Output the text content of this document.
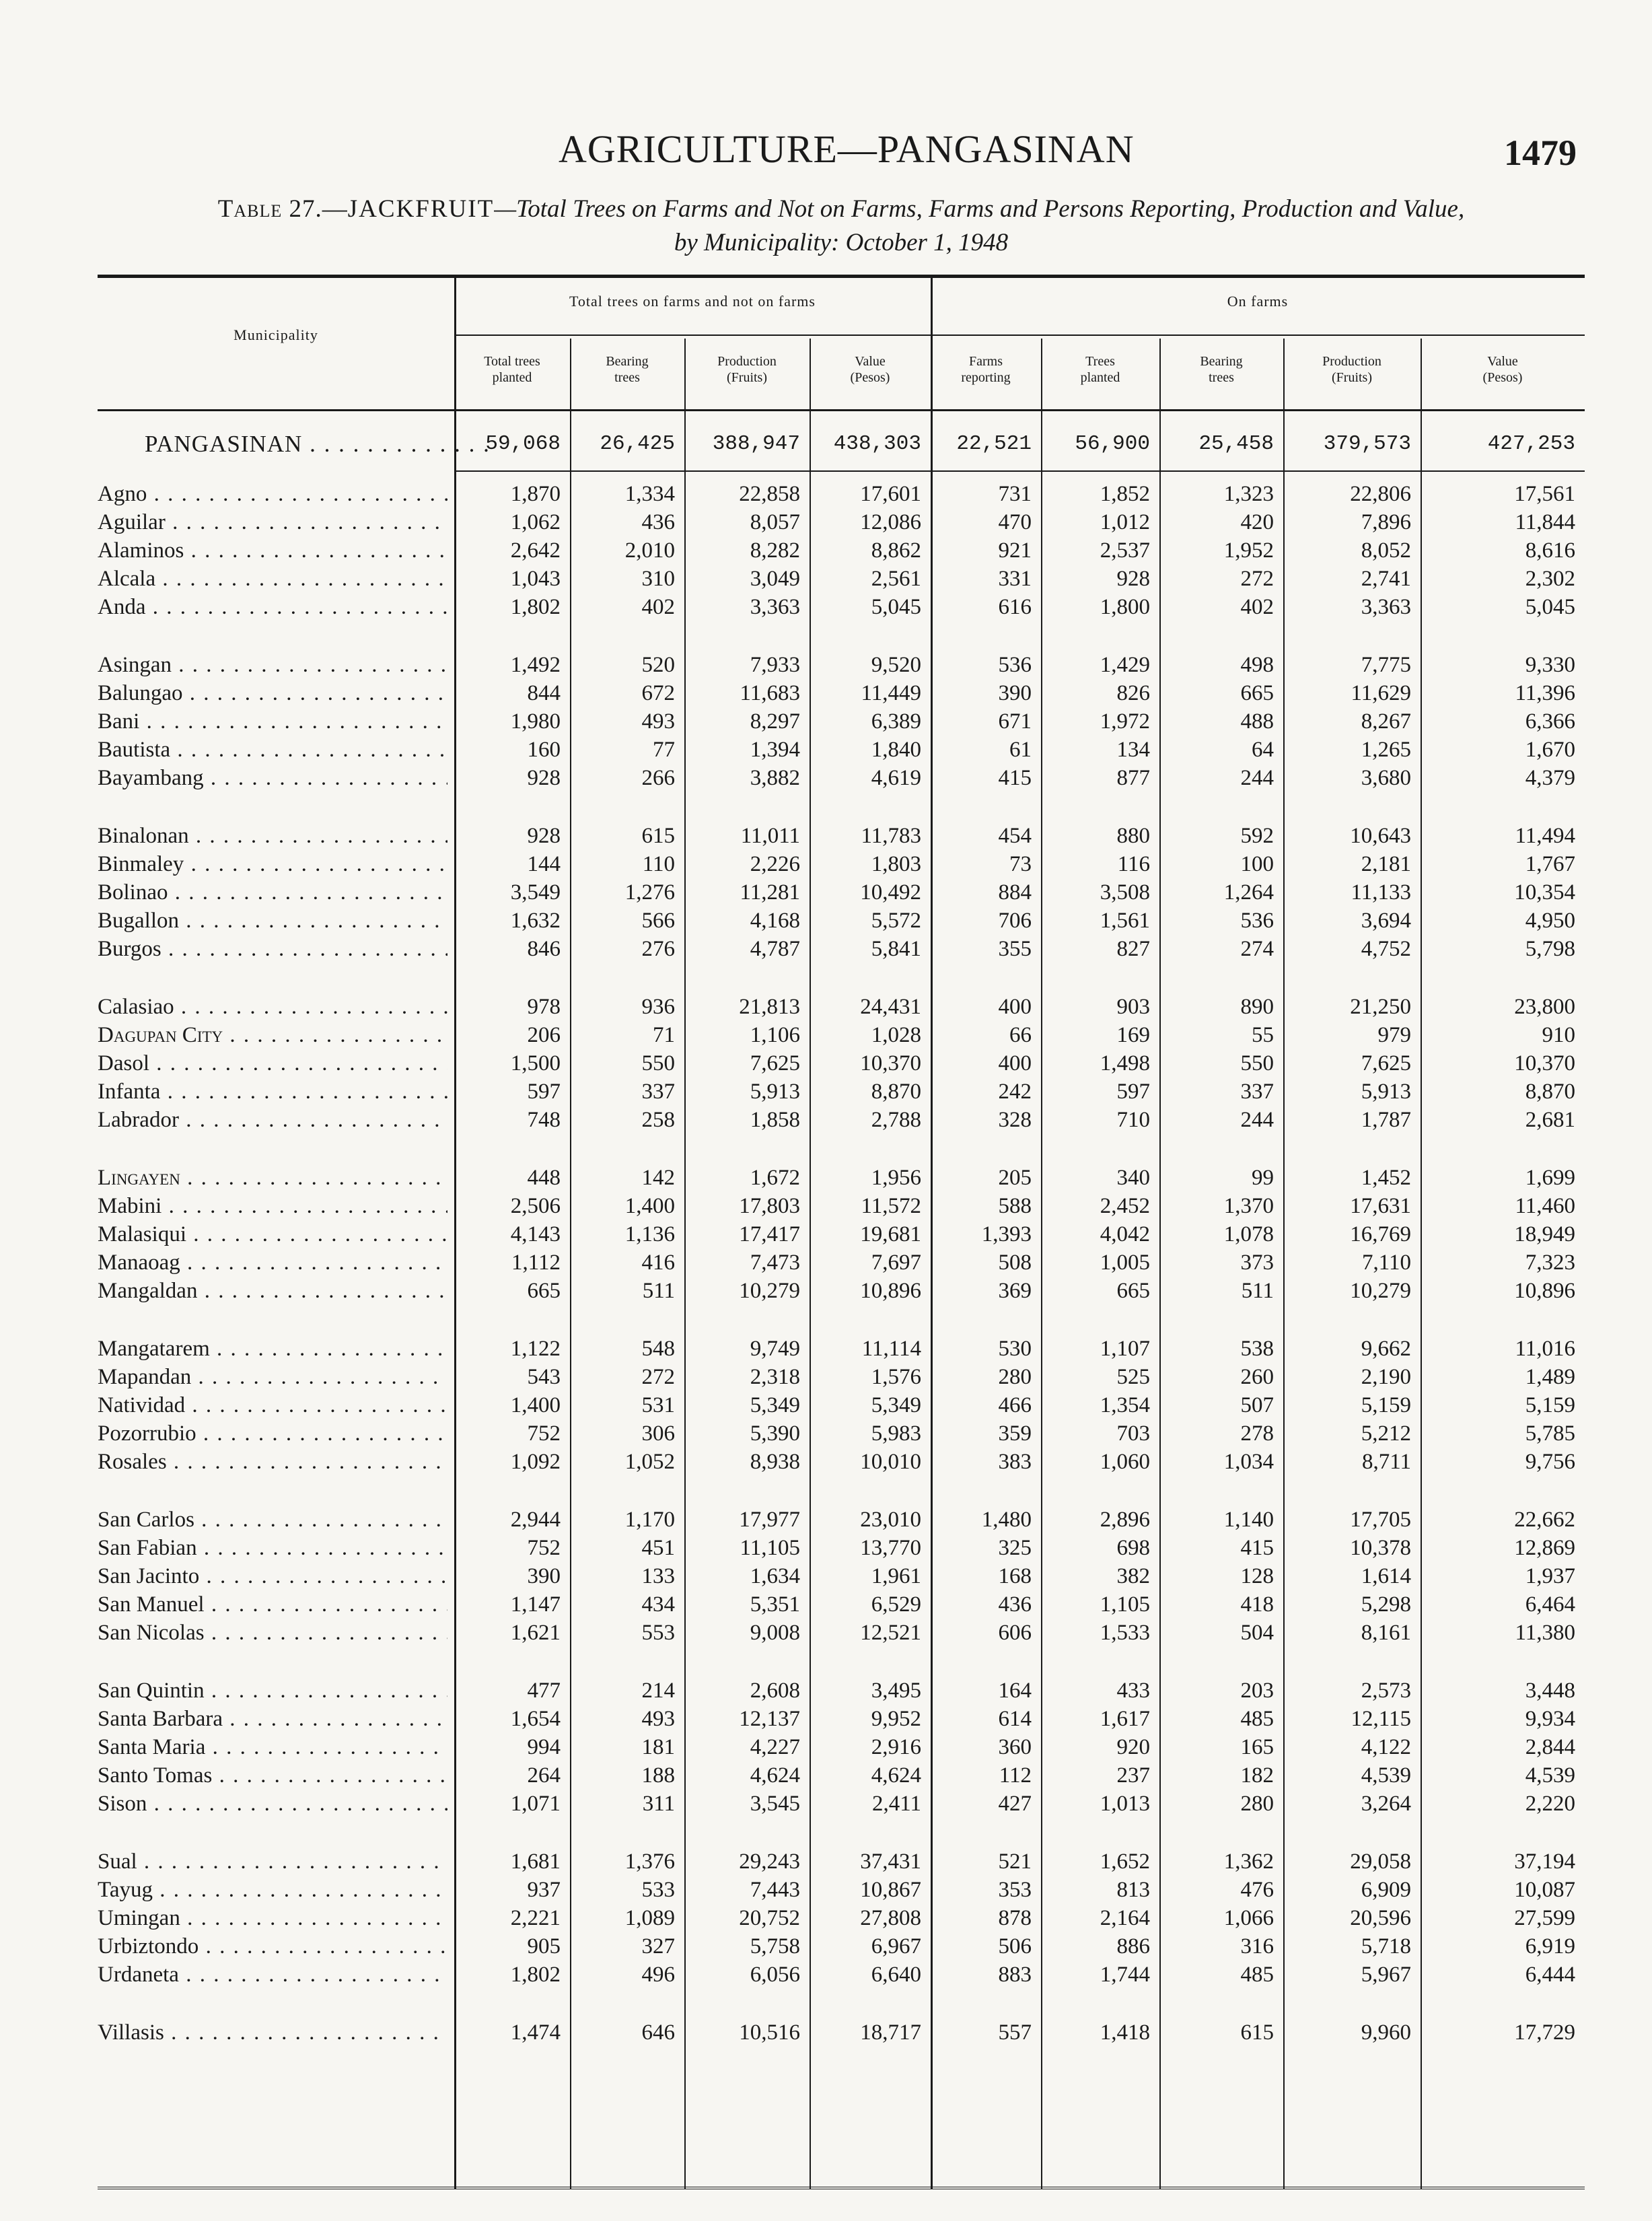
AGRICULTURE—PANGASINAN	1479
Table 27.—JACKFRUIT—Total Trees on Farms and Not on Farms, Farms and Persons Reporting, Production and Value,
by Municipality: October 1, 1948
Municipality
Total trees on farms and not on farms	On farms
Total trees
planted
Bearing
trees
Production
(Fruits)
Value
(Pesos)
Farms
reporting
Trees
planted
Bearing
trees
Production
(Fruits)
Value
(Pesos)
PANGASINAN . . .	59,068	26,425	388,947	438,303	22,521	56,900	25,458	379,573	427,253
Agno . . .	1,870	1,334	22,858	17,601	731	1,852	1,323	22,806	17,561
Aguilar . . .	1,062	436	8,057	12,086	470	1,012	420	7,896	11,844
Alaminos . . .	2,642	2,010	8,282	8,862	921	2,537	1,952	8,052	8,616
Alcala . . .	1,043	310	3,049	2,561	331	928	272	2,741	2,302
Anda . . .	1,802	402	3,363	5,045	616	1,800	402	3,363	5,045
Asingan . . .	1,492	520	7,933	9,520	536	1,429	498	7,775	9,330
Balungao . . .	844	672	11,683	11,449	390	826	665	11,629	11,396
Bani . . .	1,980	493	8,297	6,389	671	1,972	488	8,267	6,366
Bautista . . .	160	77	1,394	1,840	61	134	64	1,265	1,670
Bayambang . . .	928	266	3,882	4,619	415	877	244	3,680	4,379
Binalonan . . .	928	615	11,011	11,783	454	880	592	10,643	11,494
Binmaley . . .	144	110	2,226	1,803	73	116	100	2,181	1,767
Bolinao . . .	3,549	1,276	11,281	10,492	884	3,508	1,264	11,133	10,354
Bugallon . . .	1,632	566	4,168	5,572	706	1,561	536	3,694	4,950
Burgos . . .	846	276	4,787	5,841	355	827	274	4,752	5,798
Calasiao . . .	978	936	21,813	24,431	400	903	890	21,250	23,800
Dagupan City . . .	206	71	1,106	1,028	66	169	55	979	910
Dasol . . .	1,500	550	7,625	10,370	400	1,498	550	7,625	10,370
Infanta . . .	597	337	5,913	8,870	242	597	337	5,913	8,870
Labrador . . .	748	258	1,858	2,788	328	710	244	1,787	2,681
Lingayen . . .	448	142	1,672	1,956	205	340	99	1,452	1,699
Mabini . . .	2,506	1,400	17,803	11,572	588	2,452	1,370	17,631	11,460
Malasiqui . . .	4,143	1,136	17,417	19,681	1,393	4,042	1,078	16,769	18,949
Manaoag . . .	1,112	416	7,473	7,697	508	1,005	373	7,110	7,323
Mangaldan . . .	665	511	10,279	10,896	369	665	511	10,279	10,896
Mangatarem . . .	1,122	548	9,749	11,114	530	1,107	538	9,662	11,016
Mapandan . . .	543	272	2,318	1,576	280	525	260	2,190	1,489
Natividad . . .	1,400	531	5,349	5,349	466	1,354	507	5,159	5,159
Pozorrubio . . .	752	306	5,390	5,983	359	703	278	5,212	5,785
Rosales . . .	1,092	1,052	8,938	10,010	383	1,060	1,034	8,711	9,756
San Carlos . . .	2,944	1,170	17,977	23,010	1,480	2,896	1,140	17,705	22,662
San Fabian . . .	752	451	11,105	13,770	325	698	415	10,378	12,869
San Jacinto . . .	390	133	1,634	1,961	168	382	128	1,614	1,937
San Manuel . . .	1,147	434	5,351	6,529	436	1,105	418	5,298	6,464
San Nicolas . . .	1,621	553	9,008	12,521	606	1,533	504	8,161	11,380
San Quintin . . .	477	214	2,608	3,495	164	433	203	2,573	3,448
Santa Barbara . . .	1,654	493	12,137	9,952	614	1,617	485	12,115	9,934
Santa Maria . . .	994	181	4,227	2,916	360	920	165	4,122	2,844
Santo Tomas . . .	264	188	4,624	4,624	112	237	182	4,539	4,539
Sison . . .	1,071	311	3,545	2,411	427	1,013	280	3,264	2,220
Sual . . .	1,681	1,376	29,243	37,431	521	1,652	1,362	29,058	37,194
Tayug . . .	937	533	7,443	10,867	353	813	476	6,909	10,087
Umingan . . .	2,221	1,089	20,752	27,808	878	2,164	1,066	20,596	27,599
Urbiztondo . . .	905	327	5,758	6,967	506	886	316	5,718	6,919
Urdaneta . . .	1,802	496	6,056	6,640	883	1,744	485	5,967	6,444
Villasis . . .	1,474	646	10,516	18,717	557	1,418	615	9,960	17,729
